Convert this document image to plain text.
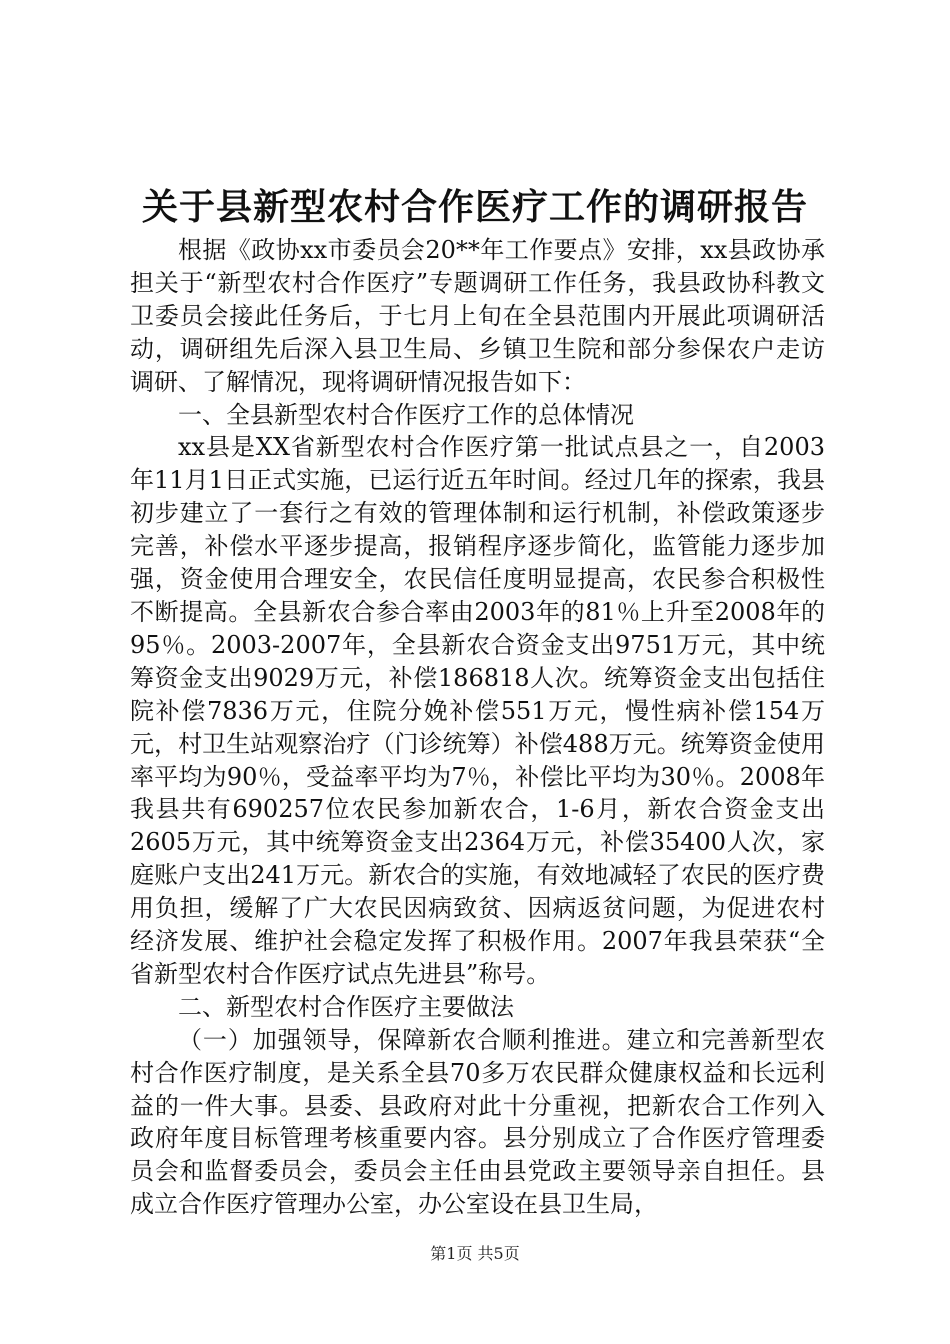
关于县新型农村合作医疗工作的调研报告

根据《政协xx市委员会20**年工作要点》安排，xx县政协承担关于“新型农村合作医疗”专题调研工作任务，我县政协科教文卫委员会接此任务后，于七月上旬在全县范围内开展此项调研活动，调研组先后深入县卫生局、乡镇卫生院和部分参保农户走访调研、了解情况，现将调研情况报告如下：

一、全县新型农村合作医疗工作的总体情况

xx县是XX省新型农村合作医疗第一批试点县之一，自2003年11月1日正式实施，已运行近五年时间。经过几年的探索，我县初步建立了一套行之有效的管理体制和运行机制，补偿政策逐步完善，补偿水平逐步提高，报销程序逐步简化，监管能力逐步加强，资金使用合理安全，农民信任度明显提高，农民参合积极性不断提高。全县新农合参合率由2003年的81％上升至2008年的95％。2003-2007年，全县新农合资金支出9751万元，其中统筹资金支出9029万元，补偿186818人次。统筹资金支出包括住院补偿7836万元，住院分娩补偿551万元，慢性病补偿154万元，村卫生站观察治疗（门诊统筹）补偿488万元。统筹资金使用率平均为90％，受益率平均为7％，补偿比平均为30％。2008年我县共有690257位农民参加新农合，1-6月，新农合资金支出2605万元，其中统筹资金支出2364万元，补偿35400人次，家庭账户支出241万元。新农合的实施，有效地减轻了农民的医疗费用负担，缓解了广大农民因病致贫、因病返贫问题，为促进农村经济发展、维护社会稳定发挥了积极作用。2007年我县荣获“全省新型农村合作医疗试点先进县”称号。

二、新型农村合作医疗主要做法

（一）加强领导，保障新农合顺利推进。建立和完善新型农村合作医疗制度，是关系全县70多万农民群众健康权益和长远利益的一件大事。县委、县政府对此十分重视，把新农合工作列入政府年度目标管理考核重要内容。县分别成立了合作医疗管理委员会和监督委员会，委员会主任由县党政主要领导亲自担任。县成立合作医疗管理办公室，办公室设在县卫生局，

第1页 共5页
